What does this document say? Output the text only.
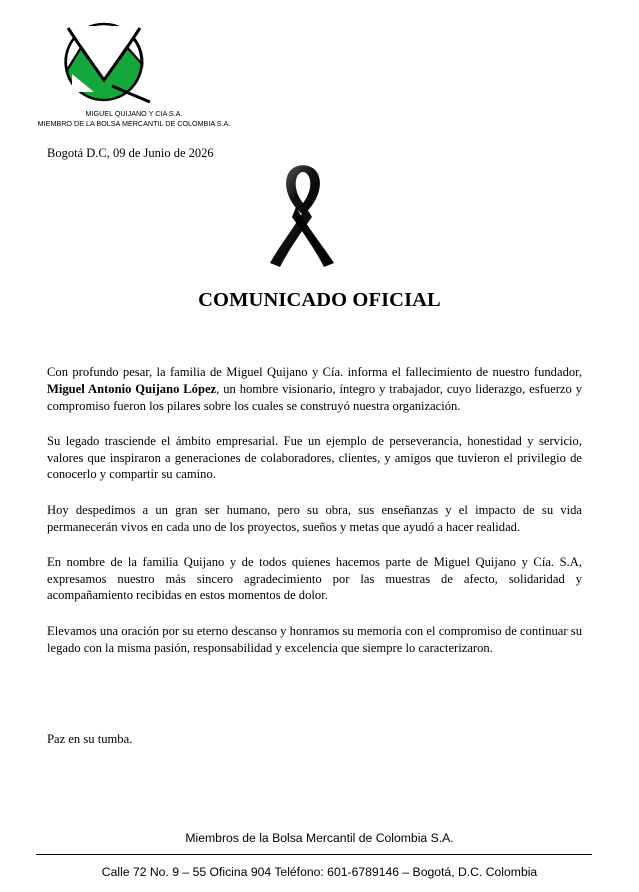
MIGUEL QUIJANO Y CIA S.A.
MIEMBRO DE LA BOLSA MERCANTIL DE COLOMBIA S.A.
Bogotá D.C, 09 de Junio de 2026
COMUNICADO OFICIAL

Con profundo pesar, la familia de Miguel Quijano y Cía. informa el fallecimiento de nuestro fundador, Miguel Antonio Quijano López, un hombre visionario, íntegro y trabajador, cuyo liderazgo, esfuerzo y compromiso fueron los pilares sobre los cuales se construyó nuestra organización.

Su legado trasciende el ámbito empresarial. Fue un ejemplo de perseverancia, honestidad y servicio, valores que inspiraron a generaciones de colaboradores, clientes, y amigos que tuvieron el privilegio de conocerlo y compartir su camino.

Hoy despedimos a un gran ser humano, pero su obra, sus enseñanzas y el impacto de su vida permanecerán vivos en cada uno de los proyectos, sueños y metas que ayudó a hacer realidad.

En nombre de la familia Quijano y de todos quienes hacemos parte de Miguel Quijano y Cía. S.A, expresamos nuestro más sincero agradecimiento por las muestras de afecto, solidaridad y acompañamiento recibidas en estos momentos de dolor.

Elevamos una oración por su eterno descanso y honramos su memoria con el compromiso de continuar su legado con la misma pasión, responsabilidad y excelencia que siempre lo caracterizaron.

Paz en su tumba.
Miembros de la Bolsa Mercantil de Colombia S.A.
Calle 72 No. 9 – 55 Oficina 904 Teléfono: 601-6789146 – Bogotá, D.C. Colombia
